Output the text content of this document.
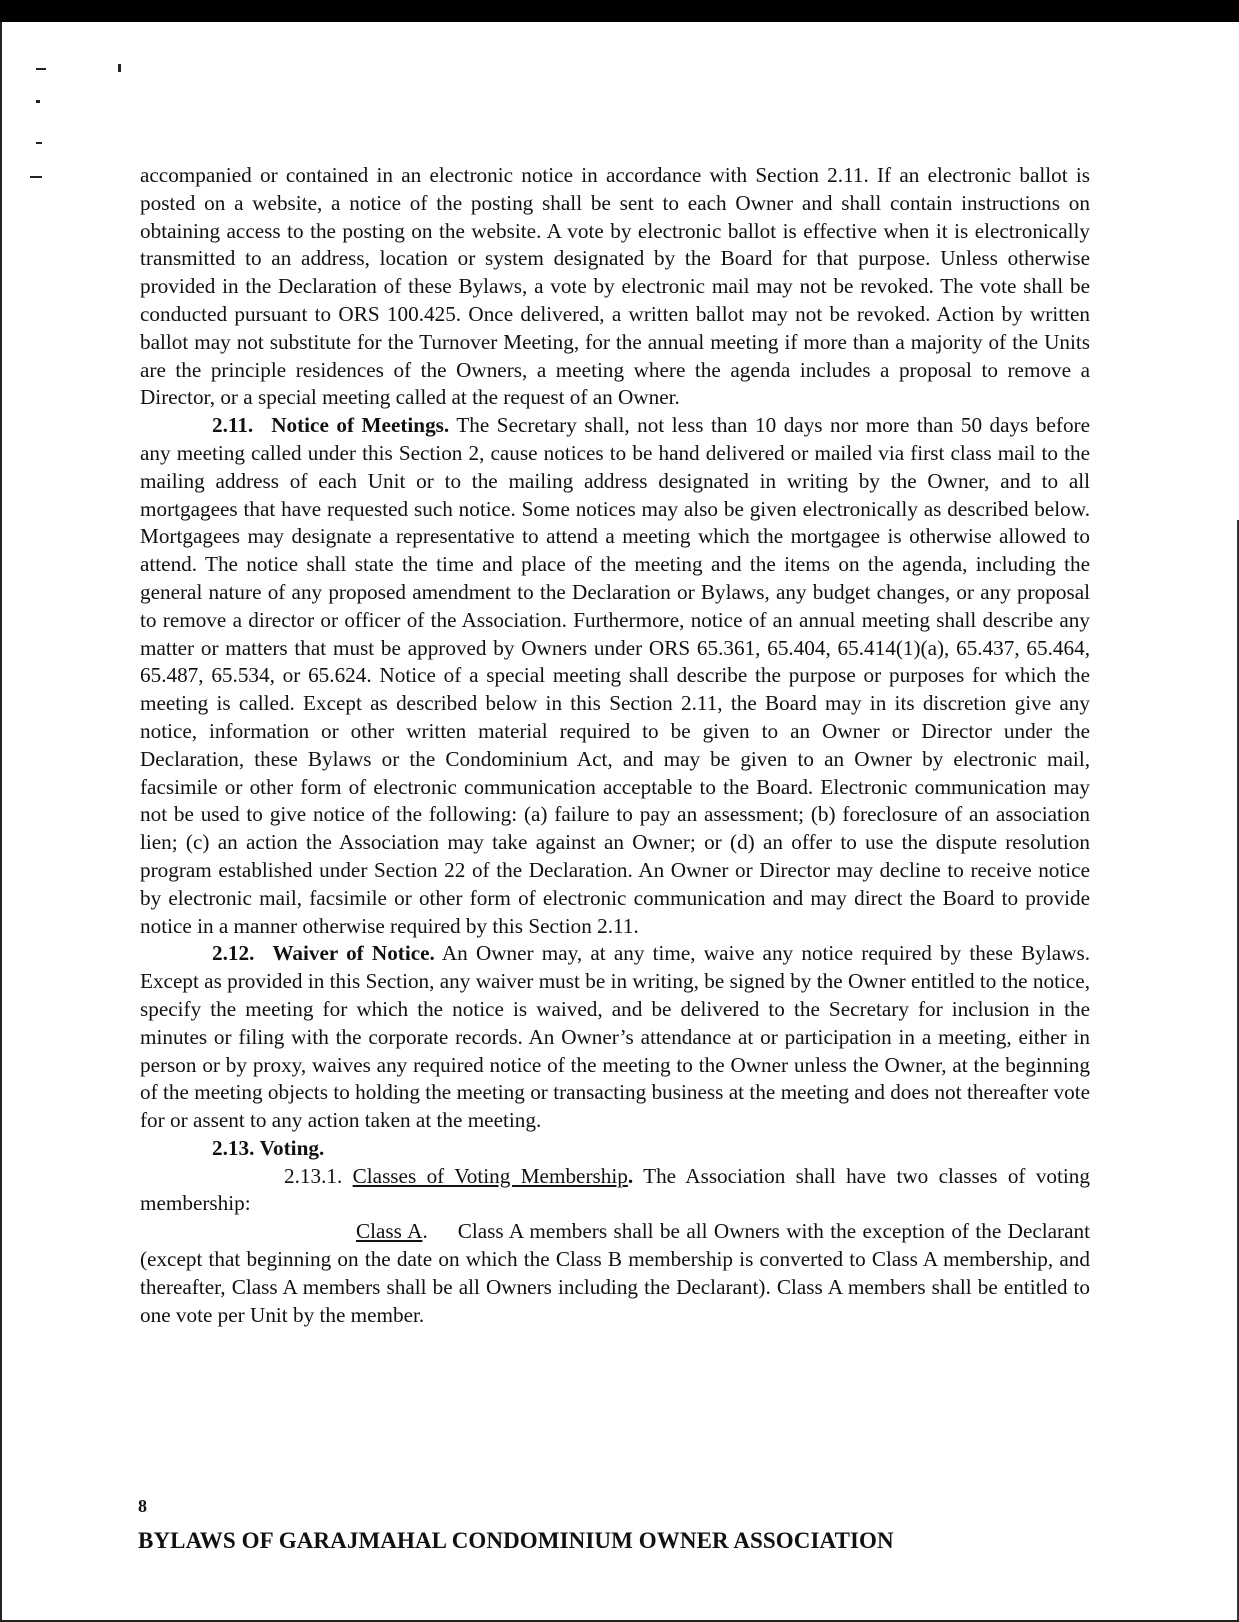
accompanied or contained in an electronic notice in accordance with Section 2.11. If an electronic ballot is posted on a website, a notice of the posting shall be sent to each Owner and shall contain instructions on obtaining access to the posting on the website. A vote by electronic ballot is effective when it is electronically transmitted to an address, location or system designated by the Board for that purpose. Unless otherwise provided in the Declaration of these Bylaws, a vote by electronic mail may not be revoked. The vote shall be conducted pursuant to ORS 100.425. Once delivered, a written ballot may not be revoked. Action by written ballot may not substitute for the Turnover Meeting, for the annual meeting if more than a majority of the Units are the principle residences of the Owners, a meeting where the agenda includes a proposal to remove a Director, or a special meeting called at the request of an Owner.

2.11. Notice of Meetings. The Secretary shall, not less than 10 days nor more than 50 days before any meeting called under this Section 2, cause notices to be hand delivered or mailed via first class mail to the mailing address of each Unit or to the mailing address designated in writing by the Owner, and to all mortgagees that have requested such notice. Some notices may also be given electronically as described below. Mortgagees may designate a representative to attend a meeting which the mortgagee is otherwise allowed to attend. The notice shall state the time and place of the meeting and the items on the agenda, including the general nature of any proposed amendment to the Declaration or Bylaws, any budget changes, or any proposal to remove a director or officer of the Association. Furthermore, notice of an annual meeting shall describe any matter or matters that must be approved by Owners under ORS 65.361, 65.404, 65.414(1)(a), 65.437, 65.464, 65.487, 65.534, or 65.624. Notice of a special meeting shall describe the purpose or purposes for which the meeting is called. Except as described below in this Section 2.11, the Board may in its discretion give any notice, information or other written material required to be given to an Owner or Director under the Declaration, these Bylaws or the Condominium Act, and may be given to an Owner by electronic mail, facsimile or other form of electronic communication acceptable to the Board. Electronic communication may not be used to give notice of the following: (a) failure to pay an assessment; (b) foreclosure of an association lien; (c) an action the Association may take against an Owner; or (d) an offer to use the dispute resolution program established under Section 22 of the Declaration. An Owner or Director may decline to receive notice by electronic mail, facsimile or other form of electronic communication and may direct the Board to provide notice in a manner otherwise required by this Section 2.11.

2.12. Waiver of Notice. An Owner may, at any time, waive any notice required by these Bylaws. Except as provided in this Section, any waiver must be in writing, be signed by the Owner entitled to the notice, specify the meeting for which the notice is waived, and be delivered to the Secretary for inclusion in the minutes or filing with the corporate records. An Owner’s attendance at or participation in a meeting, either in person or by proxy, waives any required notice of the meeting to the Owner unless the Owner, at the beginning of the meeting objects to holding the meeting or transacting business at the meeting and does not thereafter vote for or assent to any action taken at the meeting.

2.13. Voting.

2.13.1. Classes of Voting Membership. The Association shall have two classes of voting membership:

Class A. Class A members shall be all Owners with the exception of the Declarant (except that beginning on the date on which the Class B membership is converted to Class A membership, and thereafter, Class A members shall be all Owners including the Declarant). Class A members shall be entitled to one vote per Unit by the member.

8
BYLAWS OF GARAJMAHAL CONDOMINIUM OWNER ASSOCIATION
